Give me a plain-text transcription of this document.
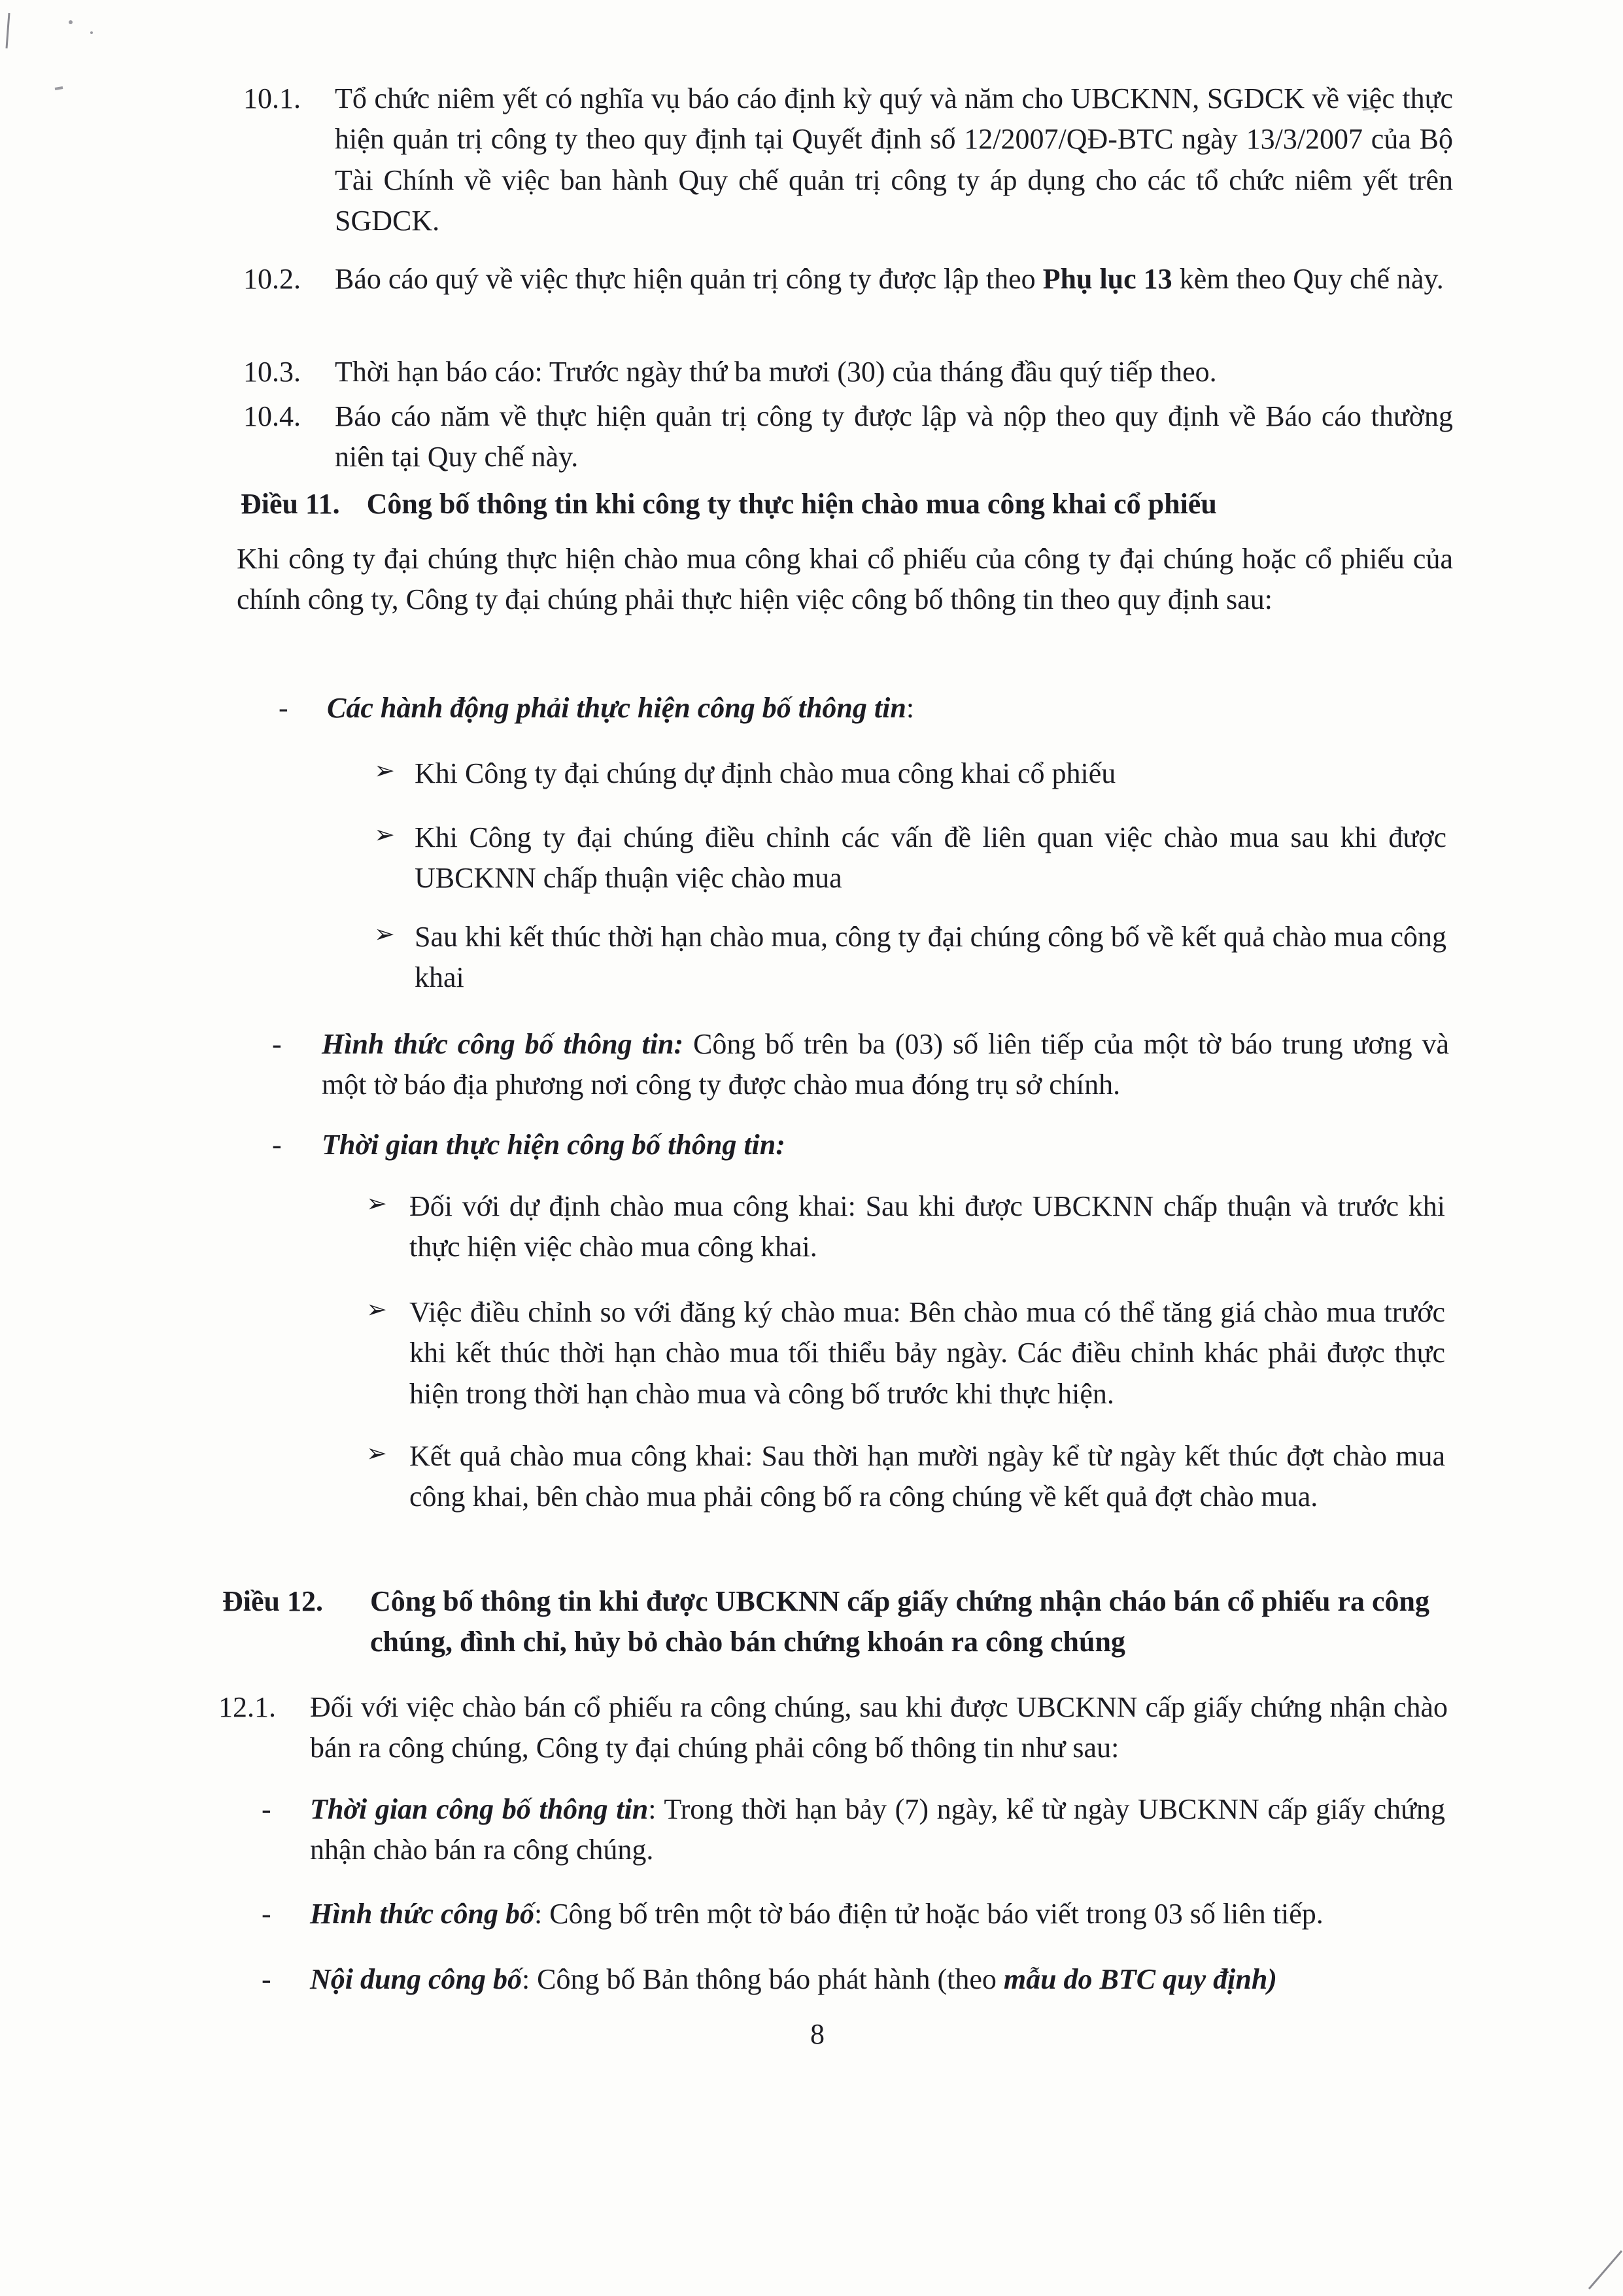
10.1. Tổ chức niêm yết có nghĩa vụ báo cáo định kỳ quý và năm cho UBCKNN, SGDCK về việc thực hiện quản trị công ty theo quy định tại Quyết định số 12/2007/QĐ-BTC ngày 13/3/2007 của Bộ Tài Chính về việc ban hành Quy chế quản trị công ty áp dụng cho các tổ chức niêm yết trên SGDCK.
10.2. Báo cáo quý về việc thực hiện quản trị công ty được lập theo Phụ lục 13 kèm theo Quy chế này.
10.3. Thời hạn báo cáo: Trước ngày thứ ba mươi (30) của tháng đầu quý tiếp theo.
10.4. Báo cáo năm về thực hiện quản trị công ty được lập và nộp theo quy định về Báo cáo thường niên tại Quy chế này.
Điều 11. Công bố thông tin khi công ty thực hiện chào mua công khai cổ phiếu
Khi công ty đại chúng thực hiện chào mua công khai cổ phiếu của công ty đại chúng hoặc cổ phiếu của chính công ty, Công ty đại chúng phải thực hiện việc công bố thông tin theo quy định sau:
- Các hành động phải thực hiện công bố thông tin:
➢ Khi Công ty đại chúng dự định chào mua công khai cổ phiếu
➢ Khi Công ty đại chúng điều chỉnh các vấn đề liên quan việc chào mua sau khi được UBCKNN chấp thuận việc chào mua
➢ Sau khi kết thúc thời hạn chào mua, công ty đại chúng công bố về kết quả chào mua công khai
- Hình thức công bố thông tin: Công bố trên ba (03) số liên tiếp của một tờ báo trung ương và một tờ báo địa phương nơi công ty được chào mua đóng trụ sở chính.
- Thời gian thực hiện công bố thông tin:
➢ Đối với dự định chào mua công khai: Sau khi được UBCKNN chấp thuận và trước khi thực hiện việc chào mua công khai.
➢ Việc điều chỉnh so với đăng ký chào mua: Bên chào mua có thể tăng giá chào mua trước khi kết thúc thời hạn chào mua tối thiểu bảy ngày. Các điều chỉnh khác phải được thực hiện trong thời hạn chào mua và công bố trước khi thực hiện.
➢ Kết quả chào mua công khai: Sau thời hạn mười ngày kể từ ngày kết thúc đợt chào mua công khai, bên chào mua phải công bố ra công chúng về kết quả đợt chào mua.
Điều 12. Công bố thông tin khi được UBCKNN cấp giấy chứng nhận cháo bán cổ phiếu ra công chúng, đình chỉ, hủy bỏ chào bán chứng khoán ra công chúng
12.1. Đối với việc chào bán cổ phiếu ra công chúng, sau khi được UBCKNN cấp giấy chứng nhận chào bán ra công chúng, Công ty đại chúng phải công bố thông tin như sau:
- Thời gian công bố thông tin: Trong thời hạn bảy (7) ngày, kể từ ngày UBCKNN cấp giấy chứng nhận chào bán ra công chúng.
- Hình thức công bố: Công bố trên một tờ báo điện tử hoặc báo viết trong 03 số liên tiếp.
- Nội dung công bố: Công bố Bản thông báo phát hành (theo mẫu do BTC quy định)
8
